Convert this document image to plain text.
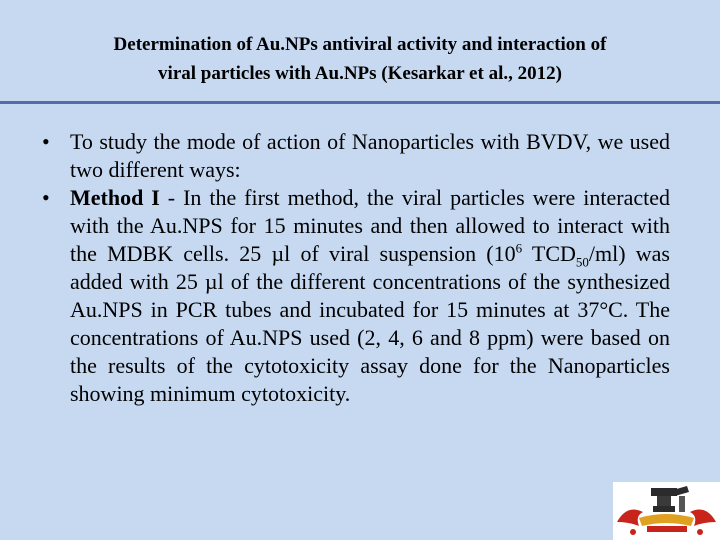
Determination of Au.NPs antiviral activity and interaction of
viral particles with Au.NPs (Kesarkar et al., 2012)
• To study the mode of action of Nanoparticles with BVDV, we used two different ways:
• Method I - In the first method, the viral particles were interacted with the Au.NPS for 15 minutes and then allowed to interact with the MDBK cells. 25 µl of viral suspension ($10^6$ $TCD_{50}/ml$) was added with 25 µl of the different concentrations of the synthesized Au.NPS in PCR tubes and incubated for 15 minutes at 37°C. The concentrations of Au.NPS used (2, 4, 6 and 8 ppm) were based on the results of the cytotoxicity assay done for the Nanoparticles showing minimum cytotoxicity.
